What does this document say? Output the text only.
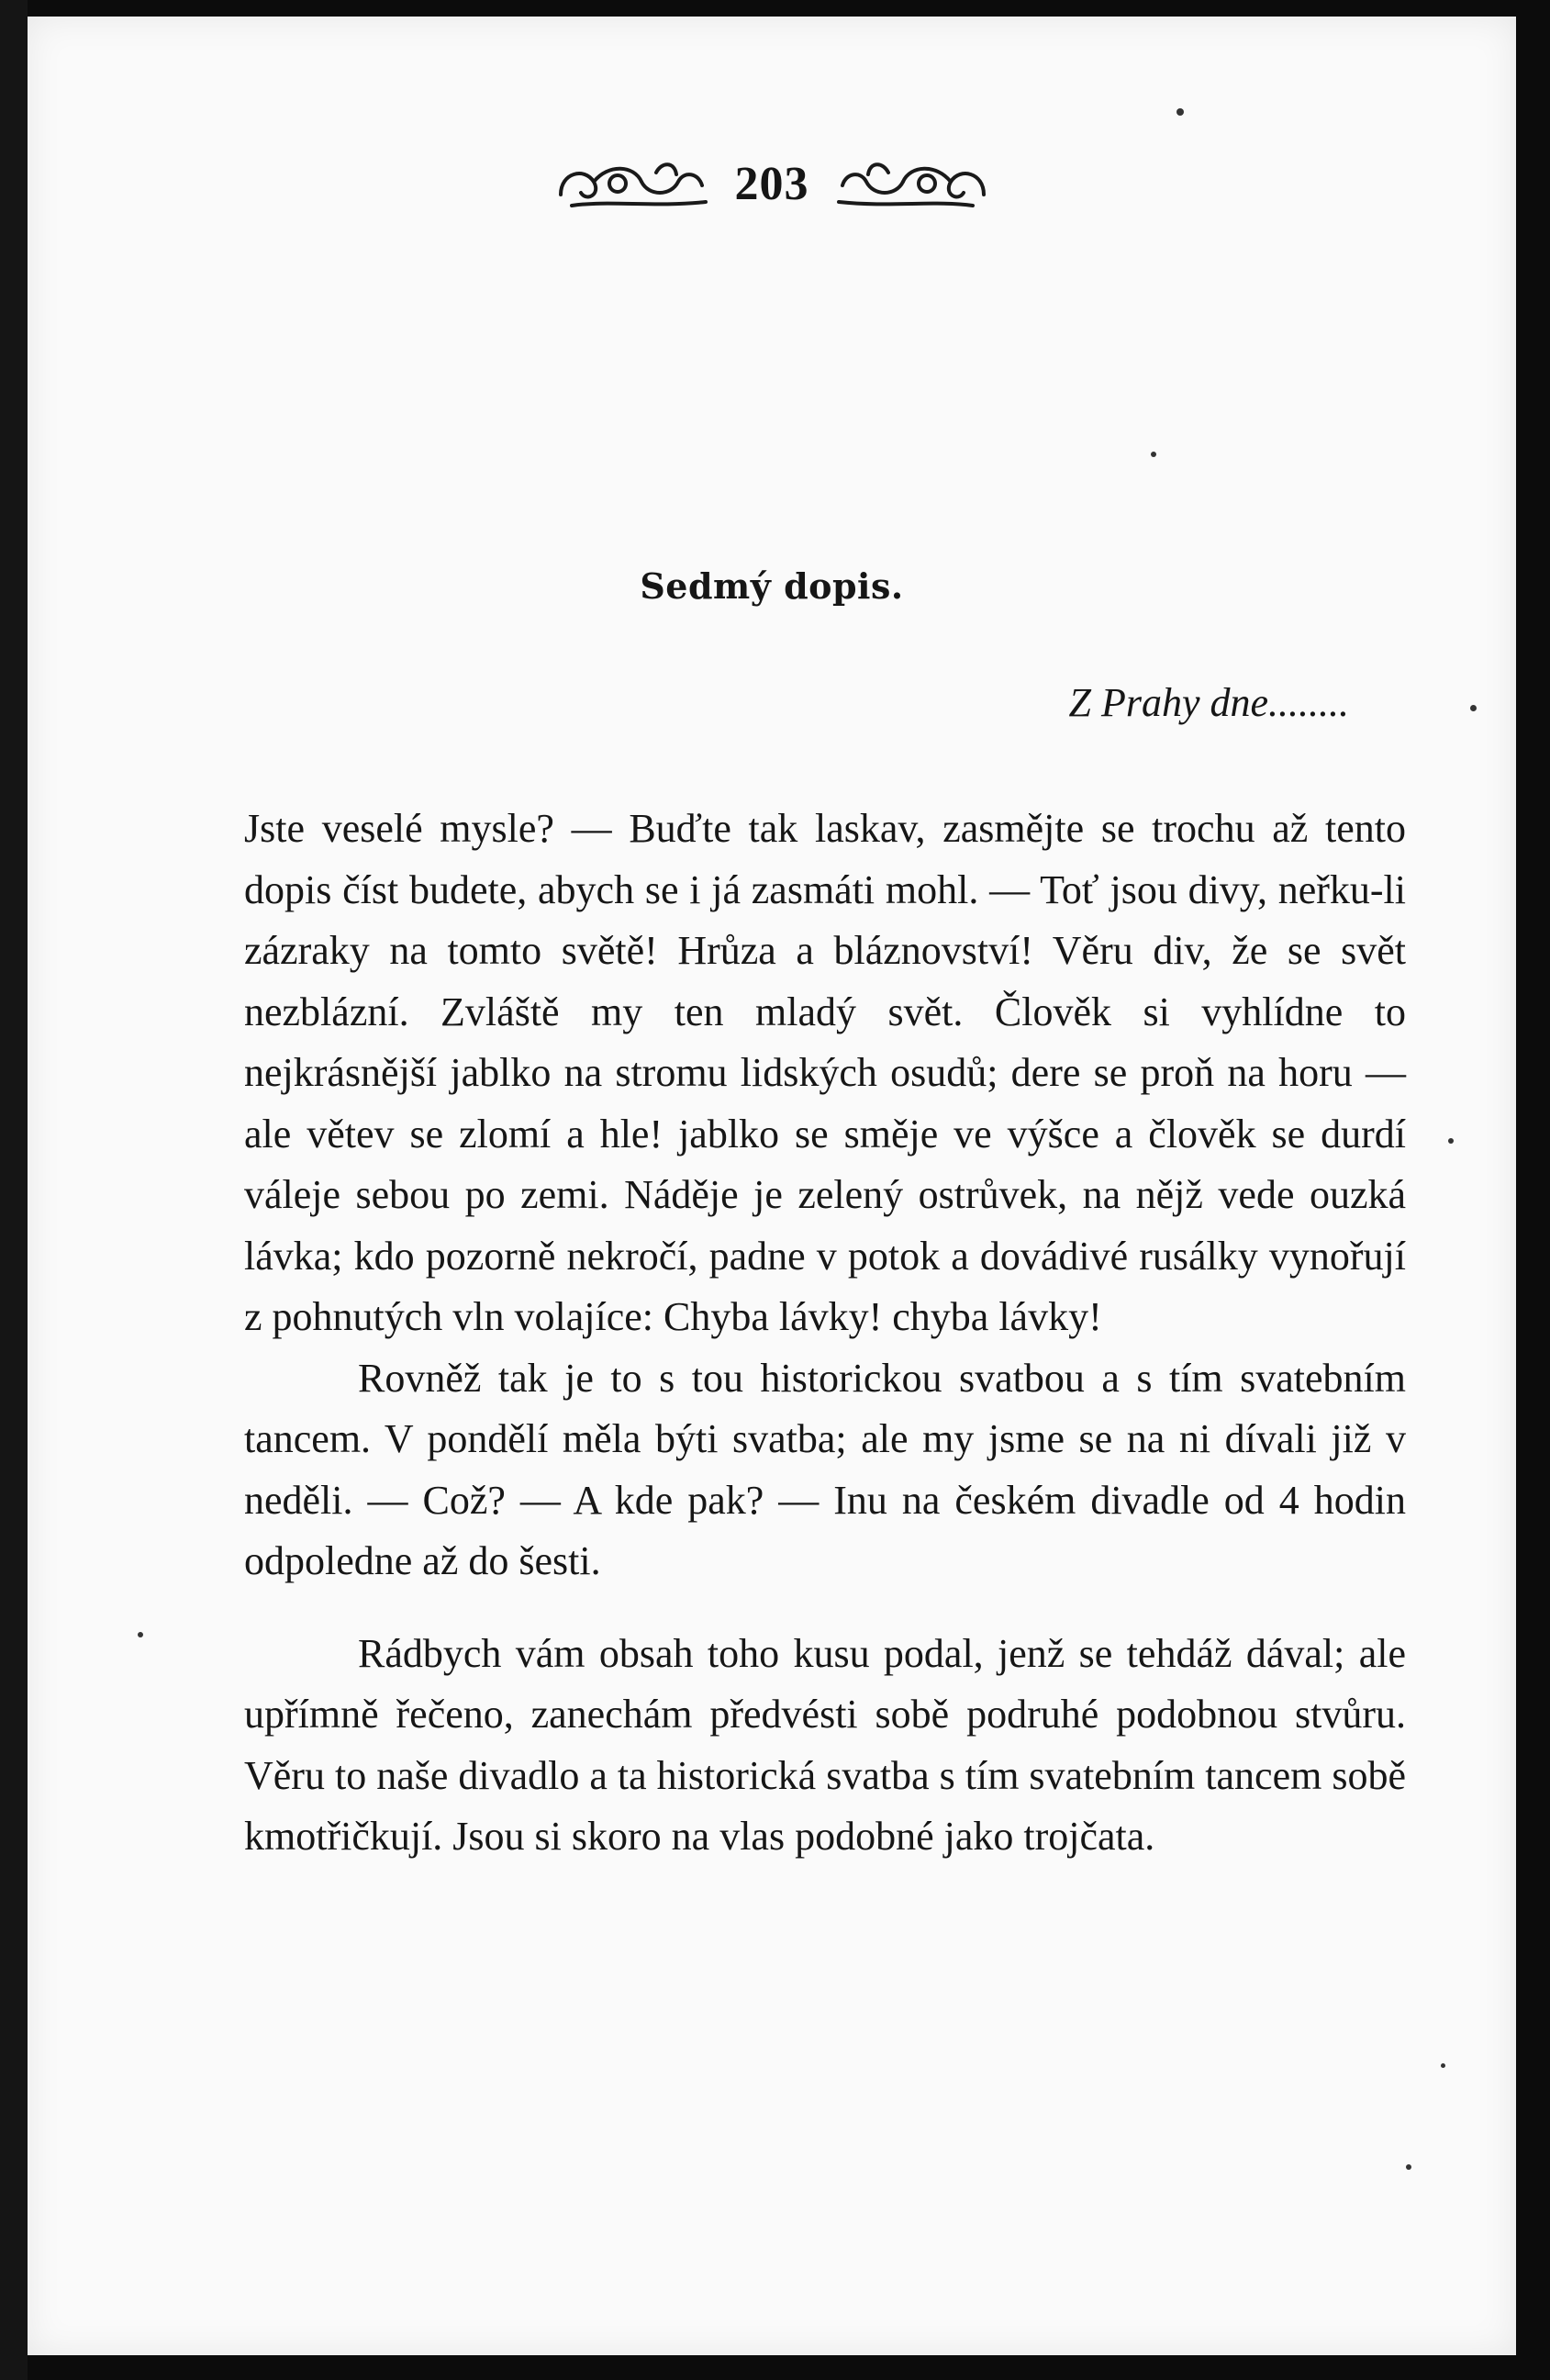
203
Sedmý dopis.
Z Prahy dne........

Jste veselé mysle? — Buďte tak laskav, zasmějte se trochu až tento dopis číst budete, abych se i já zasmáti mohl. — Toť jsou divy, neřku-li zázraky na tomto světě! Hrůza a bláznovství! Věru div, že se svět nezblázní. Zvláště my ten mladý svět. Člověk si vyhlídne to nejkrásnější jablko na stromu lidských osudů; dere se proň na horu — ale větev se zlomí a hle! jablko se směje ve výšce a člověk se durdí váleje sebou po zemi. Náděje je zelený ostrůvek, na nějž vede ouzká lávka; kdo pozorně nekročí, padne v potok a dovádivé rusálky vynořují z pohnutých vln volajíce: Chyba lávky! chyba lávky!

Rovněž tak je to s tou historickou svatbou a s tím svatebním tancem. V pondělí měla býti svatba; ale my jsme se na ni dívali již v neděli. — Což? — A kde pak? — Inu na českém divadle od 4 hodin odpoledne až do šesti.

Rádbych vám obsah toho kusu podal, jenž se tehdáž dával; ale upřímně řečeno, zanechám předvésti sobě podruhé podobnou stvůru. Věru to naše divadlo a ta historická svatba s tím svatebním tancem sobě kmotřičkují. Jsou si skoro na vlas podobné jako trojčata.
